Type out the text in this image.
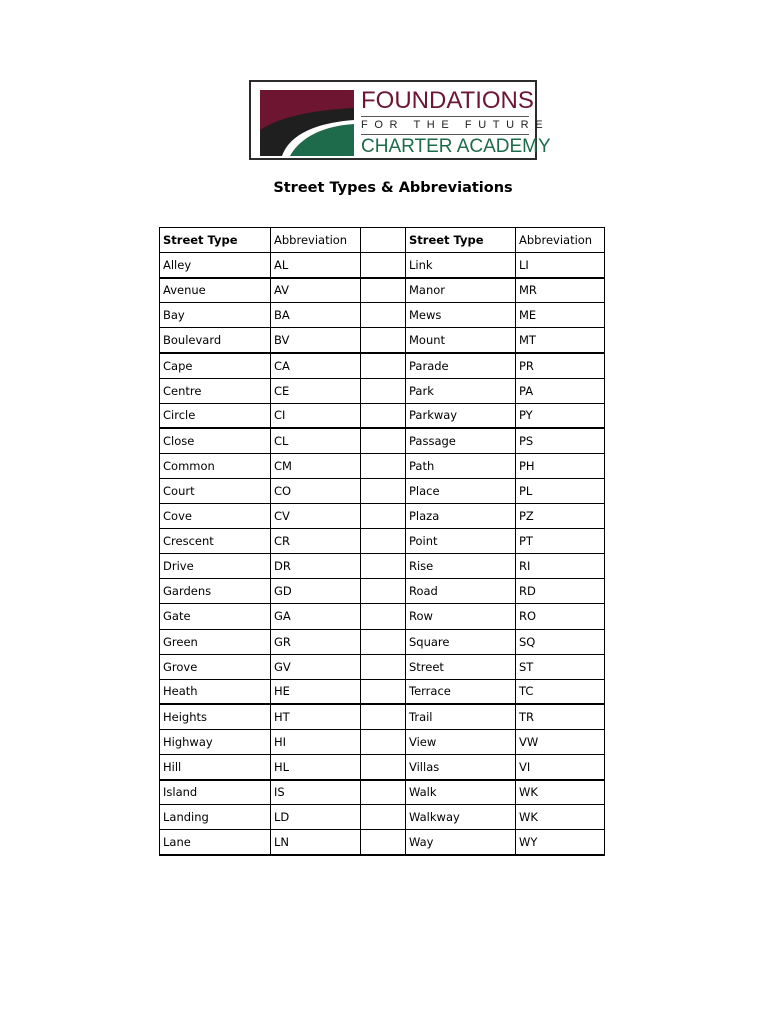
FOUNDATIONS
FOR THE FUTURE
CHARTER ACADEMY
Street Types & Abbreviations
Street Type	Abbreviation		Street Type	Abbreviation
Alley	AL		Link	LI
Avenue	AV		Manor	MR
Bay	BA		Mews	ME
Boulevard	BV		Mount	MT
Cape	CA		Parade	PR
Centre	CE		Park	PA
Circle	CI		Parkway	PY
Close	CL		Passage	PS
Common	CM		Path	PH
Court	CO		Place	PL
Cove	CV		Plaza	PZ
Crescent	CR		Point	PT
Drive	DR		Rise	RI
Gardens	GD		Road	RD
Gate	GA		Row	RO
Green	GR		Square	SQ
Grove	GV		Street	ST
Heath	HE		Terrace	TC
Heights	HT		Trail	TR
Highway	HI		View	VW
Hill	HL		Villas	VI
Island	IS		Walk	WK
Landing	LD		Walkway	WK
Lane	LN		Way	WY
